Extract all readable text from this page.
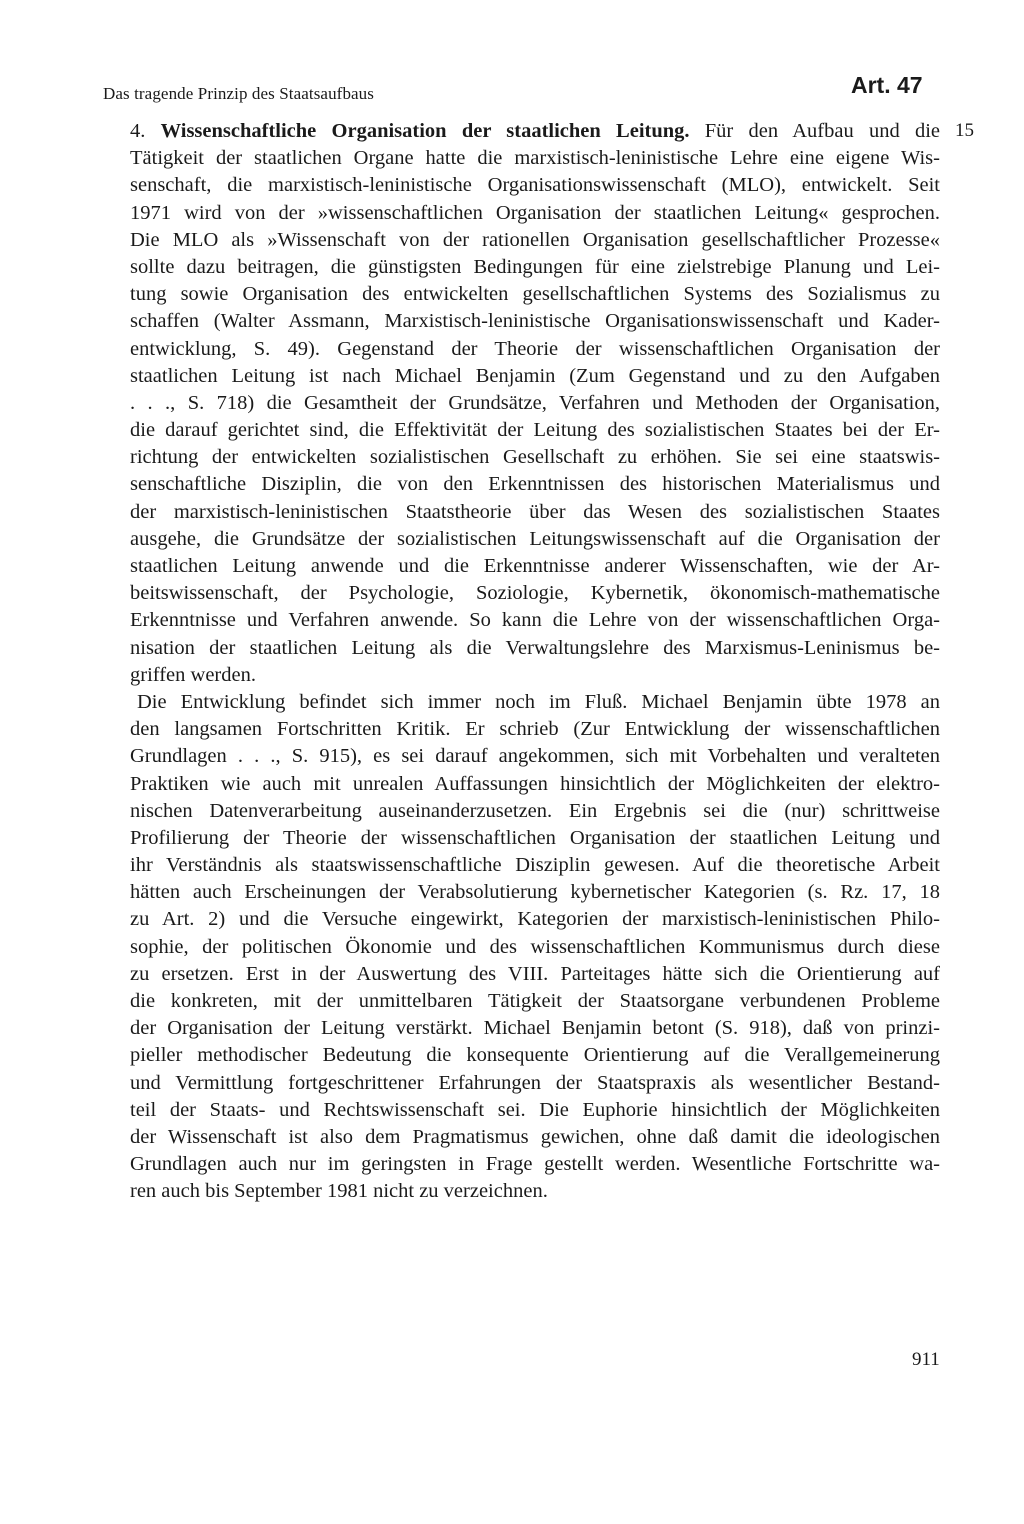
Das tragende Prinzip des Staatsaufbaus	Art. 47
15
4. Wissenschaftliche Organisation der staatlichen Leitung. Für den Aufbau und die
Tätigkeit der staatlichen Organe hatte die marxistisch-leninistische Lehre eine eigene Wis-
senschaft, die marxistisch-leninistische Organisationswissenschaft (MLO), entwickelt. Seit
1971 wird von der »wissenschaftlichen Organisation der staatlichen Leitung« gesprochen.
Die MLO als »Wissenschaft von der rationellen Organisation gesellschaftlicher Prozesse«
sollte dazu beitragen, die günstigsten Bedingungen für eine zielstrebige Planung und Lei-
tung sowie Organisation des entwickelten gesellschaftlichen Systems des Sozialismus zu
schaffen (Walter Assmann, Marxistisch-leninistische Organisationswissenschaft und Kader-
entwicklung, S. 49). Gegenstand der Theorie der wissenschaftlichen Organisation der
staatlichen Leitung ist nach Michael Benjamin (Zum Gegenstand und zu den Aufgaben
. . ., S. 718) die Gesamtheit der Grundsätze, Verfahren und Methoden der Organisation,
die darauf gerichtet sind, die Effektivität der Leitung des sozialistischen Staates bei der Er-
richtung der entwickelten sozialistischen Gesellschaft zu erhöhen. Sie sei eine staatswis-
senschaftliche Disziplin, die von den Erkenntnissen des historischen Materialismus und
der marxistisch-leninistischen Staatstheorie über das Wesen des sozialistischen Staates
ausgehe, die Grundsätze der sozialistischen Leitungswissenschaft auf die Organisation der
staatlichen Leitung anwende und die Erkenntnisse anderer Wissenschaften, wie der Ar-
beitswissenschaft, der Psychologie, Soziologie, Kybernetik, ökonomisch-mathematische
Erkenntnisse und Verfahren anwende. So kann die Lehre von der wissenschaftlichen Orga-
nisation der staatlichen Leitung als die Verwaltungslehre des Marxismus-Leninismus be-
griffen werden.
Die Entwicklung befindet sich immer noch im Fluß. Michael Benjamin übte 1978 an
den langsamen Fortschritten Kritik. Er schrieb (Zur Entwicklung der wissenschaftlichen
Grundlagen . . ., S. 915), es sei darauf angekommen, sich mit Vorbehalten und veralteten
Praktiken wie auch mit unrealen Auffassungen hinsichtlich der Möglichkeiten der elektro-
nischen Datenverarbeitung auseinanderzusetzen. Ein Ergebnis sei die (nur) schrittweise
Profilierung der Theorie der wissenschaftlichen Organisation der staatlichen Leitung und
ihr Verständnis als staatswissenschaftliche Disziplin gewesen. Auf die theoretische Arbeit
hätten auch Erscheinungen der Verabsolutierung kybernetischer Kategorien (s. Rz. 17, 18
zu Art. 2) und die Versuche eingewirkt, Kategorien der marxistisch-leninistischen Philo-
sophie, der politischen Ökonomie und des wissenschaftlichen Kommunismus durch diese
zu ersetzen. Erst in der Auswertung des VIII. Parteitages hätte sich die Orientierung auf
die konkreten, mit der unmittelbaren Tätigkeit der Staatsorgane verbundenen Probleme
der Organisation der Leitung verstärkt. Michael Benjamin betont (S. 918), daß von prinzi-
pieller methodischer Bedeutung die konsequente Orientierung auf die Verallgemeinerung
und Vermittlung fortgeschrittener Erfahrungen der Staatspraxis als wesentlicher Bestand-
teil der Staats- und Rechtswissenschaft sei. Die Euphorie hinsichtlich der Möglichkeiten
der Wissenschaft ist also dem Pragmatismus gewichen, ohne daß damit die ideologischen
Grundlagen auch nur im geringsten in Frage gestellt werden. Wesentliche Fortschritte wa-
ren auch bis September 1981 nicht zu verzeichnen.
911
